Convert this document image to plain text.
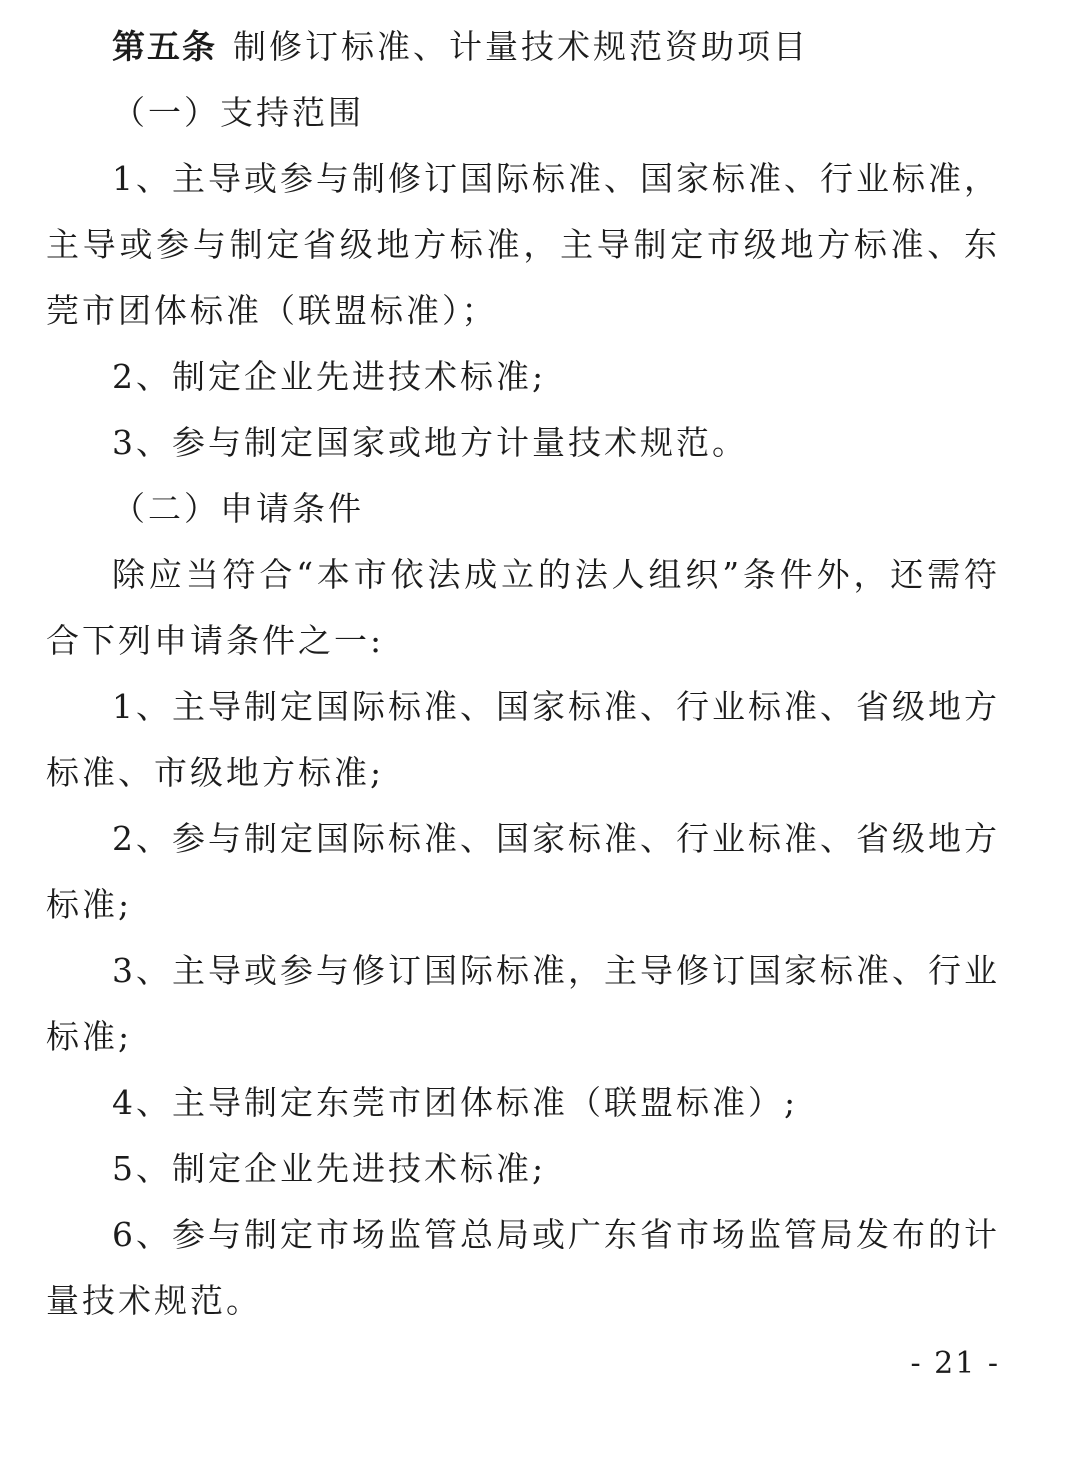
第五条 制修订标准、计量技术规范资助项目

（一）支持范围

1、主导或参与制修订国际标准、国家标准、行业标准，主导或参与制定省级地方标准，主导制定市级地方标准、东莞市团体标准（联盟标准）；

2、制定企业先进技术标准;

3、参与制定国家或地方计量技术规范。

（二）申请条件

除应当符合“本市依法成立的法人组织”条件外，还需符合下列申请条件之一:

1、主导制定国际标准、国家标准、行业标准、省级地方标准、市级地方标准;

2、参与制定国际标准、国家标准、行业标准、省级地方标准;

3、主导或参与修订国际标准，主导修订国家标准、行业标准;

4、主导制定东莞市团体标准（联盟标准）;

5、制定企业先进技术标准;

6、参与制定市场监管总局或广东省市场监管局发布的计量技术规范。

- 21 -
